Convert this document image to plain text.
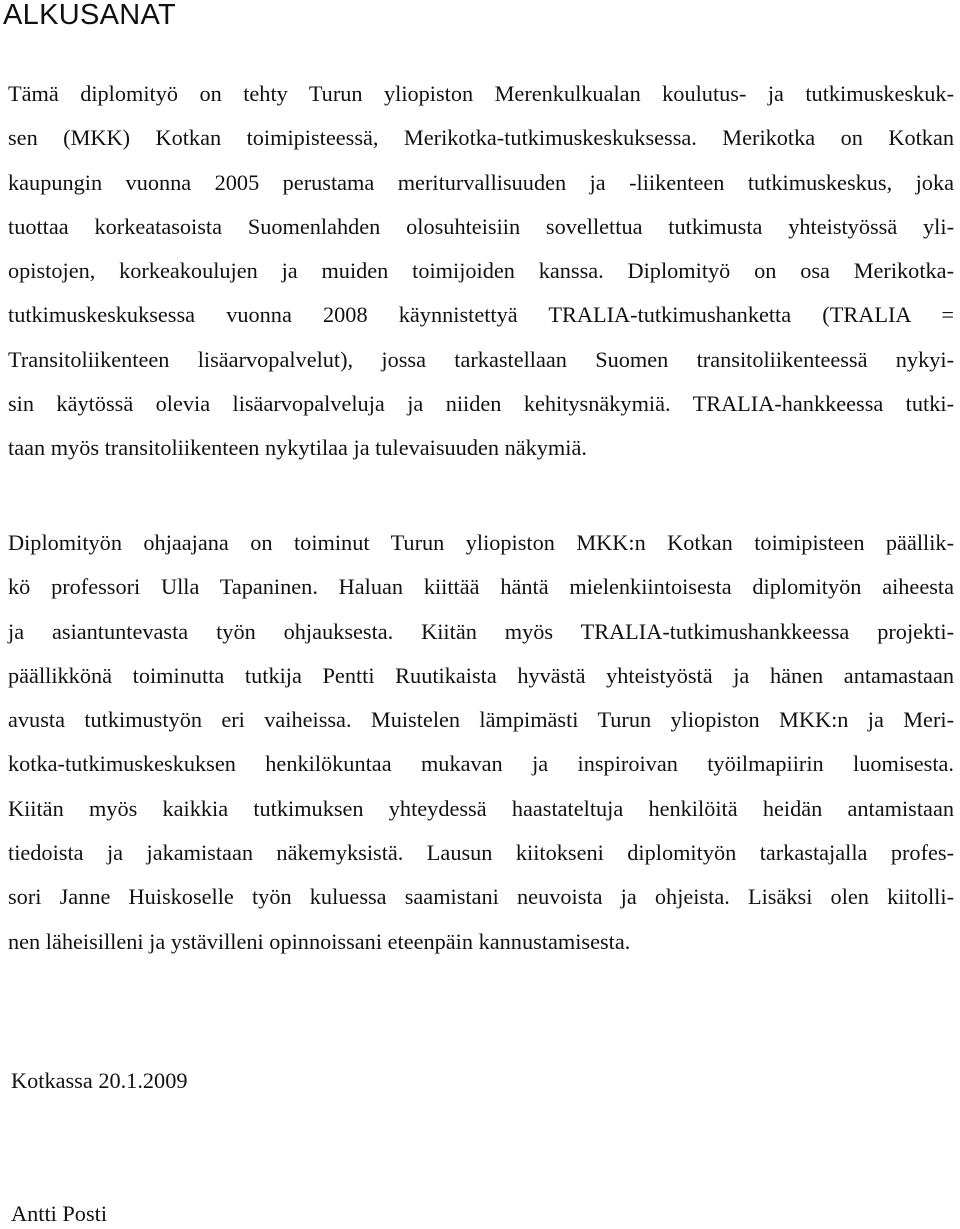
ALKUSANAT

Tämä diplomityö on tehty Turun yliopiston Merenkulkualan koulutus- ja tutkimuskeskuk-
sen (MKK) Kotkan toimipisteessä, Merikotka-tutkimuskeskuksessa. Merikotka on Kotkan
kaupungin vuonna 2005 perustama meriturvallisuuden ja -liikenteen tutkimuskeskus, joka
tuottaa korkeatasoista Suomenlahden olosuhteisiin sovellettua tutkimusta yhteistyössä yli-
opistojen, korkeakoulujen ja muiden toimijoiden kanssa. Diplomityö on osa Merikotka-
tutkimuskeskuksessa vuonna 2008 käynnistettyä TRALIA-tutkimushanketta (TRALIA =
Transitoliikenteen lisäarvopalvelut), jossa tarkastellaan Suomen transitoliikenteessä nykyi-
sin käytössä olevia lisäarvopalveluja ja niiden kehitysnäkymiä. TRALIA-hankkeessa tutki-
taan myös transitoliikenteen nykytilaa ja tulevaisuuden näkymiä.

Diplomityön ohjaajana on toiminut Turun yliopiston MKK:n Kotkan toimipisteen päällik-
kö professori Ulla Tapaninen. Haluan kiittää häntä mielenkiintoisesta diplomityön aiheesta
ja asiantuntevasta työn ohjauksesta. Kiitän myös TRALIA-tutkimushankkeessa projekti-
päällikkönä toiminutta tutkija Pentti Ruutikaista hyvästä yhteistyöstä ja hänen antamastaan
avusta tutkimustyön eri vaiheissa. Muistelen lämpimästi Turun yliopiston MKK:n ja Meri-
kotka-tutkimuskeskuksen henkilökuntaa mukavan ja inspiroivan työilmapiirin luomisesta.
Kiitän myös kaikkia tutkimuksen yhteydessä haastateltuja henkilöitä heidän antamistaan
tiedoista ja jakamistaan näkemyksistä. Lausun kiitokseni diplomityön tarkastajalla profes-
sori Janne Huiskoselle työn kuluessa saamistani neuvoista ja ohjeista. Lisäksi olen kiitolli-
nen läheisilleni ja ystävilleni opinnoissani eteenpäin kannustamisesta.

Kotkassa 20.1.2009

Antti Posti
